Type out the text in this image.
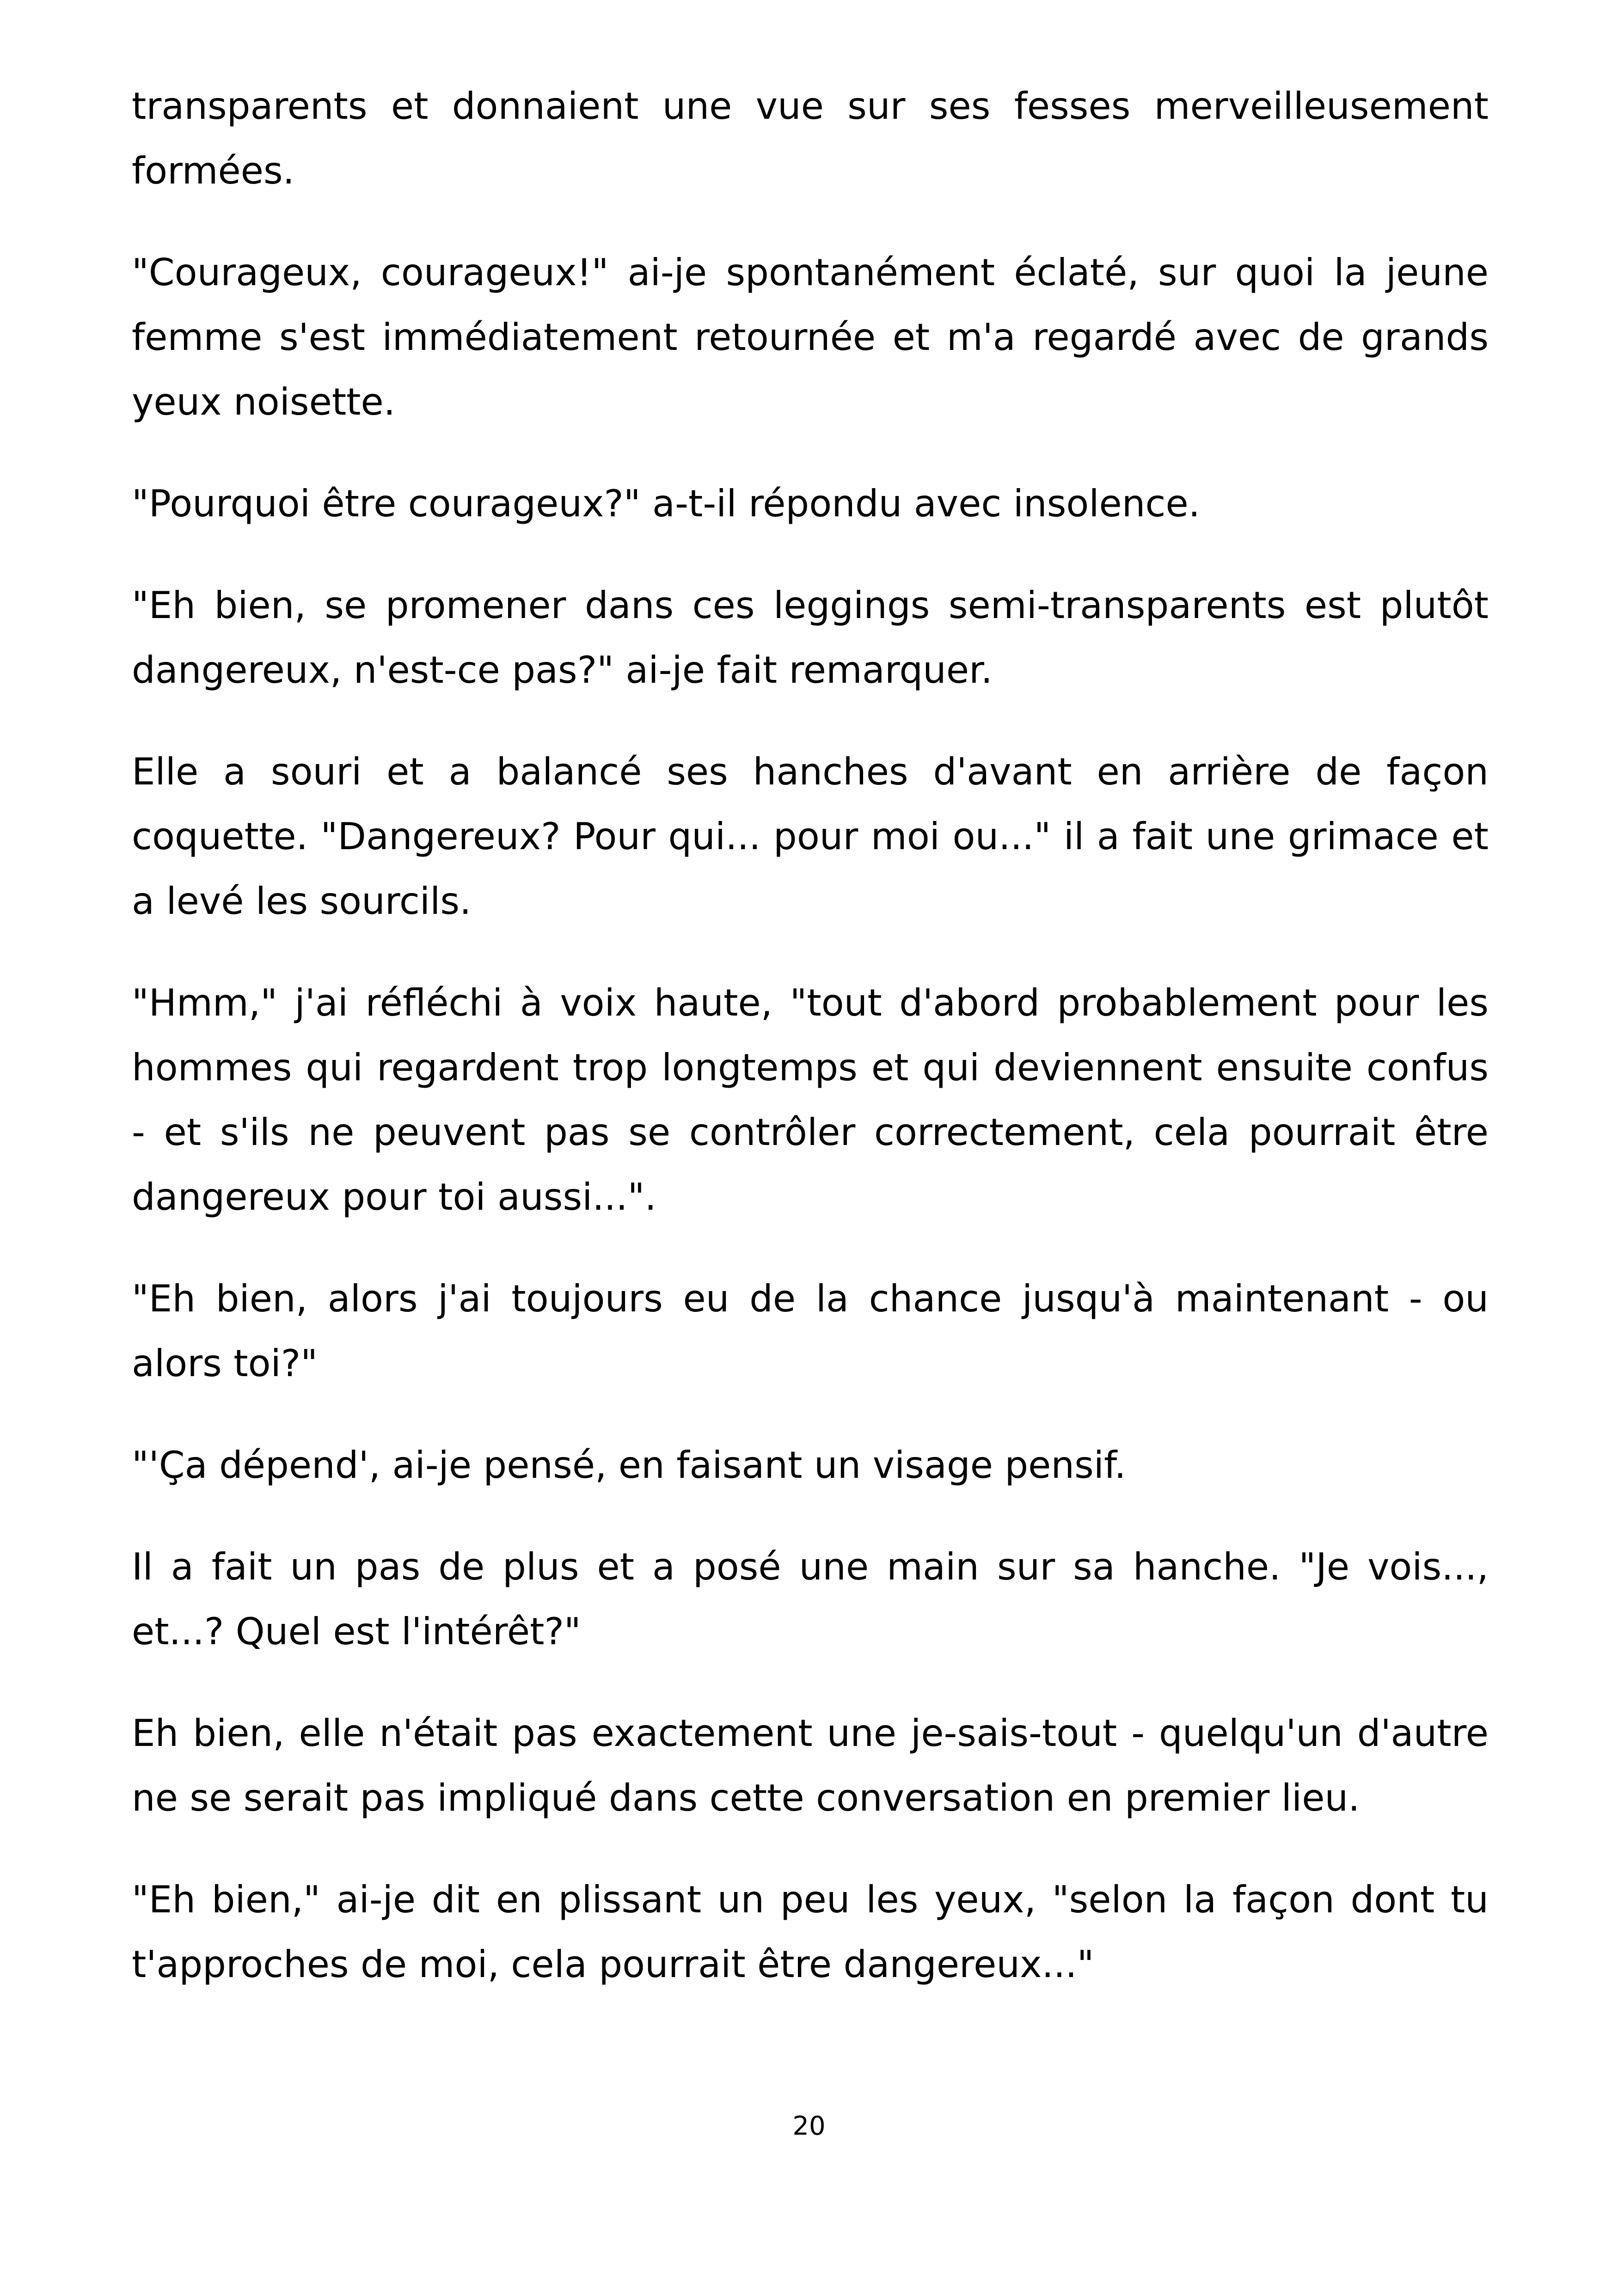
transparents et donnaient une vue sur ses fesses merveilleusement formées.

"Courageux, courageux!" ai-je spontanément éclaté, sur quoi la jeune femme s'est immédiatement retournée et m'a regardé avec de grands yeux noisette.

"Pourquoi être courageux?" a-t-il répondu avec insolence.

"Eh bien, se promener dans ces leggings semi-transparents est plutôt dangereux, n'est-ce pas?" ai-je fait remarquer.

Elle a souri et a balancé ses hanches d'avant en arrière de façon coquette. "Dangereux? Pour qui... pour moi ou..." il a fait une grimace et a levé les sourcils.

"Hmm," j'ai réfléchi à voix haute, "tout d'abord probablement pour les hommes qui regardent trop longtemps et qui deviennent ensuite confus - et s'ils ne peuvent pas se contrôler correctement, cela pourrait être dangereux pour toi aussi...".

"Eh bien, alors j'ai toujours eu de la chance jusqu'à maintenant - ou alors toi?"

"'Ça dépend', ai-je pensé, en faisant un visage pensif.

Il a fait un pas de plus et a posé une main sur sa hanche. "Je vois..., et...? Quel est l'intérêt?"

Eh bien, elle n'était pas exactement une je-sais-tout - quelqu'un d'autre ne se serait pas impliqué dans cette conversation en premier lieu.

"Eh bien," ai-je dit en plissant un peu les yeux, "selon la façon dont tu t'approches de moi, cela pourrait être dangereux..."

20
